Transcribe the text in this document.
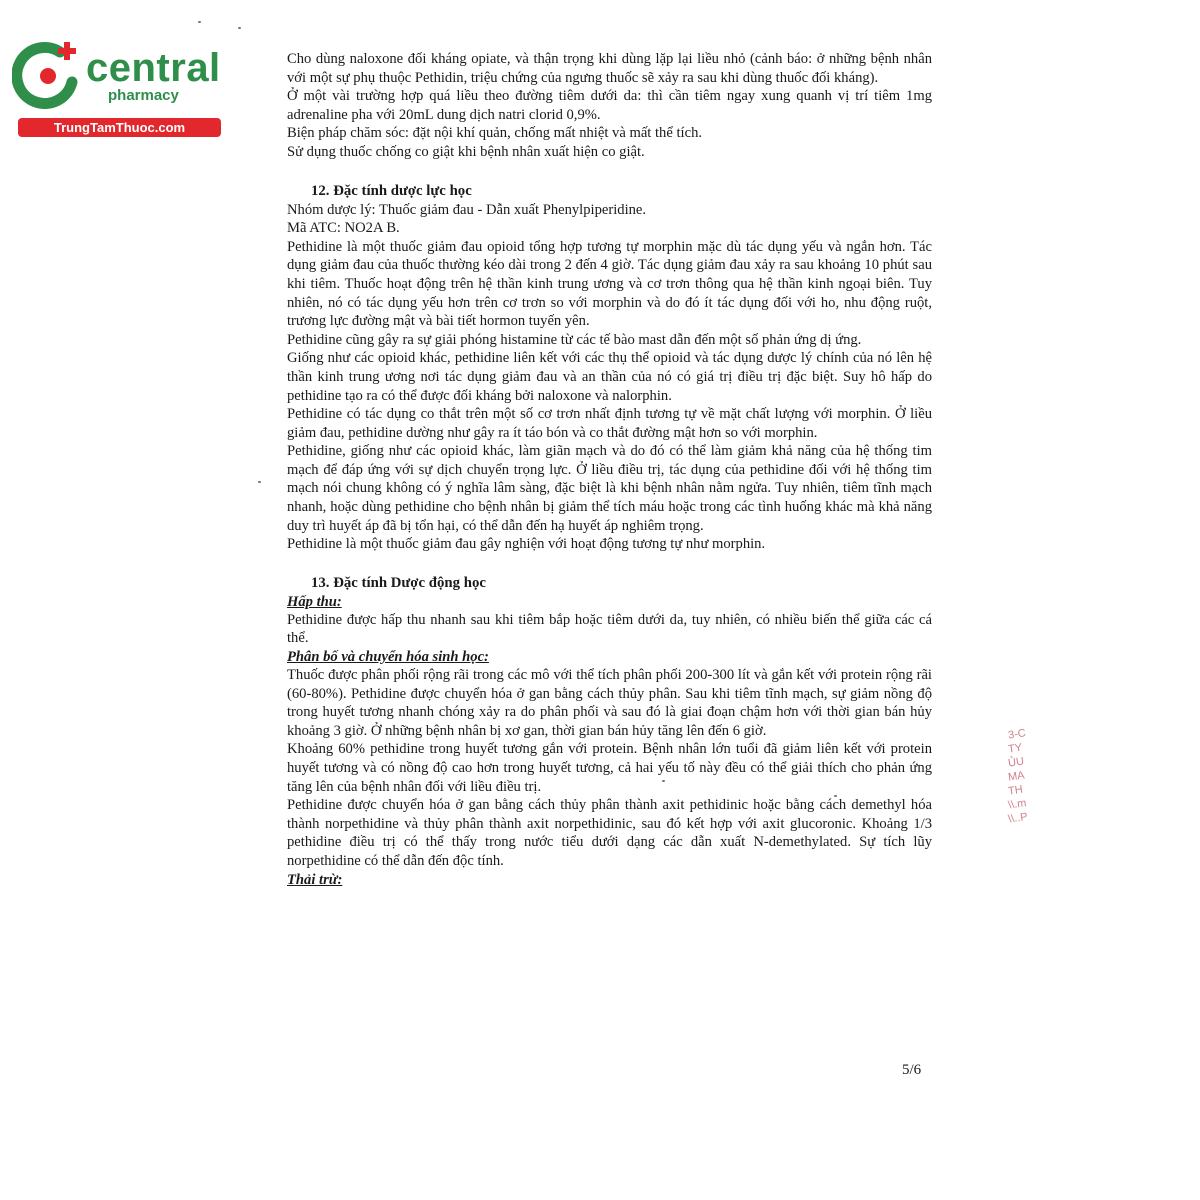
central
pharmacy
TrungTamThuoc.com

Cho dùng naloxone đối kháng opiate, và thận trọng khi dùng lặp lại liều nhỏ (cảnh báo: ở những bệnh nhân với một sự phụ thuộc Pethidin, triệu chứng của ngưng thuốc sẽ xảy ra sau khi dùng thuốc đối kháng).

Ở một vài trường hợp quá liều theo đường tiêm dưới da: thì cần tiêm ngay xung quanh vị trí tiêm 1mg adrenaline pha với 20mL dung dịch natri clorid 0,9%.

Biện pháp chăm sóc: đặt nội khí quản, chống mất nhiệt và mất thể tích.

Sử dụng thuốc chống co giật khi bệnh nhân xuất hiện co giật.

12. Đặc tính dược lực học

Nhóm dược lý: Thuốc giảm đau - Dẫn xuất Phenylpiperidine.

Mã ATC: NO2A B.

Pethidine là một thuốc giảm đau opioid tổng hợp tương tự morphin mặc dù tác dụng yếu và ngắn hơn. Tác dụng giảm đau của thuốc thường kéo dài trong 2 đến 4 giờ. Tác dụng giảm đau xảy ra sau khoảng 10 phút sau khi tiêm. Thuốc hoạt động trên hệ thần kinh trung ương và cơ trơn thông qua hệ thần kinh ngoại biên. Tuy nhiên, nó có tác dụng yếu hơn trên cơ trơn so với morphin và do đó ít tác dụng đối với ho, nhu động ruột, trương lực đường mật và bài tiết hormon tuyến yên.

Pethidine cũng gây ra sự giải phóng histamine từ các tế bào mast dẫn đến một số phản ứng dị ứng.

Giống như các opioid khác, pethidine liên kết với các thụ thể opioid và tác dụng dược lý chính của nó lên hệ thần kinh trung ương nơi tác dụng giảm đau và an thần của nó có giá trị điều trị đặc biệt. Suy hô hấp do pethidine tạo ra có thể được đối kháng bởi naloxone và nalorphin.

Pethidine có tác dụng co thắt trên một số cơ trơn nhất định tương tự về mặt chất lượng với morphin. Ở liều giảm đau, pethidine dường như gây ra ít táo bón và co thắt đường mật hơn so với morphin.

Pethidine, giống như các opioid khác, làm giãn mạch và do đó có thể làm giảm khả năng của hệ thống tim mạch để đáp ứng với sự dịch chuyển trọng lực. Ở liều điều trị, tác dụng của pethidine đối với hệ thống tim mạch nói chung không có ý nghĩa lâm sàng, đặc biệt là khi bệnh nhân nằm ngửa. Tuy nhiên, tiêm tĩnh mạch nhanh, hoặc dùng pethidine cho bệnh nhân bị giảm thể tích máu hoặc trong các tình huống khác mà khả năng duy trì huyết áp đã bị tổn hại, có thể dẫn đến hạ huyết áp nghiêm trọng.

Pethidine là một thuốc giảm đau gây nghiện với hoạt động tương tự như morphin.

13. Đặc tính Dược động học
Hấp thu:

Pethidine được hấp thu nhanh sau khi tiêm bắp hoặc tiêm dưới da, tuy nhiên, có nhiều biến thể giữa các cá thể.

Phân bố và chuyển hóa sinh học:

Thuốc được phân phối rộng rãi trong các mô với thể tích phân phối 200-300 lít và gắn kết với protein rộng rãi (60-80%). Pethidine được chuyển hóa ở gan bằng cách thủy phân. Sau khi tiêm tĩnh mạch, sự giảm nồng độ trong huyết tương nhanh chóng xảy ra do phân phối và sau đó là giai đoạn chậm hơn với thời gian bán hủy khoảng 3 giờ. Ở những bệnh nhân bị xơ gan, thời gian bán hủy tăng lên đến 6 giờ.

Khoảng 60% pethidine trong huyết tương gắn với protein. Bệnh nhân lớn tuổi đã giảm liên kết với protein huyết tương và có nồng độ cao hơn trong huyết tương, cả hai yếu tố này đều có thể giải thích cho phản ứng tăng lên của bệnh nhân đối với liều điều trị.

Pethidine được chuyển hóa ở gan bằng cách thủy phân thành axit pethidinic hoặc bằng cách demethyl hóa thành norpethidine và thủy phân thành axit norpethidinic, sau đó kết hợp với axit glucoronic. Khoảng 1/3 pethidine điều trị có thể thấy trong nước tiểu dưới dạng các dẫn xuất N-demethylated. Sự tích lũy norpethidine có thể dẫn đến độc tính.

Thải trừ:
3-C
TY
ỦU
MA
TH
\\.m
\\..P
5/6
